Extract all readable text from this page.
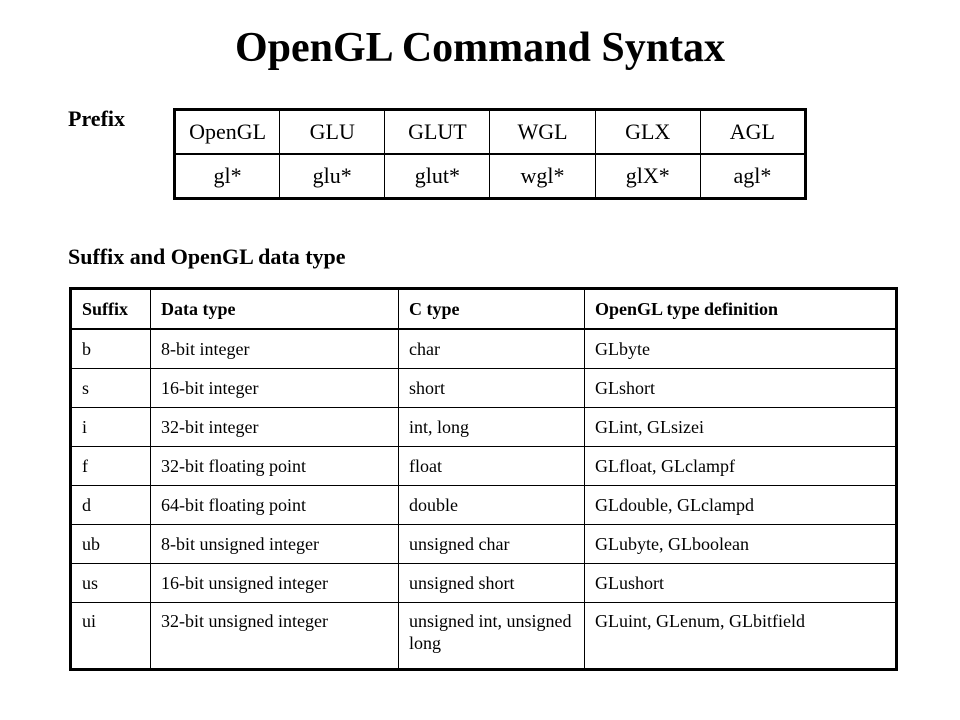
OpenGL Command Syntax
Prefix
OpenGL	GLU	GLUT	WGL	GLX	AGL
gl*	glu*	glut*	wgl*	glX*	agl*
Suffix and OpenGL data type
Suffix	Data type	C type	OpenGL type definition
b	8-bit integer	char	GLbyte
s	16-bit integer	short	GLshort
i	32-bit integer	int, long	GLint, GLsizei
f	32-bit floating point	float	GLfloat, GLclampf
d	64-bit floating point	double	GLdouble, GLclampd
ub	8-bit unsigned integer	unsigned char	GLubyte, GLboolean
us	16-bit unsigned integer	unsigned short	GLushort
ui	32-bit unsigned integer	unsigned int, unsigned long	GLuint, GLenum, GLbitfield
